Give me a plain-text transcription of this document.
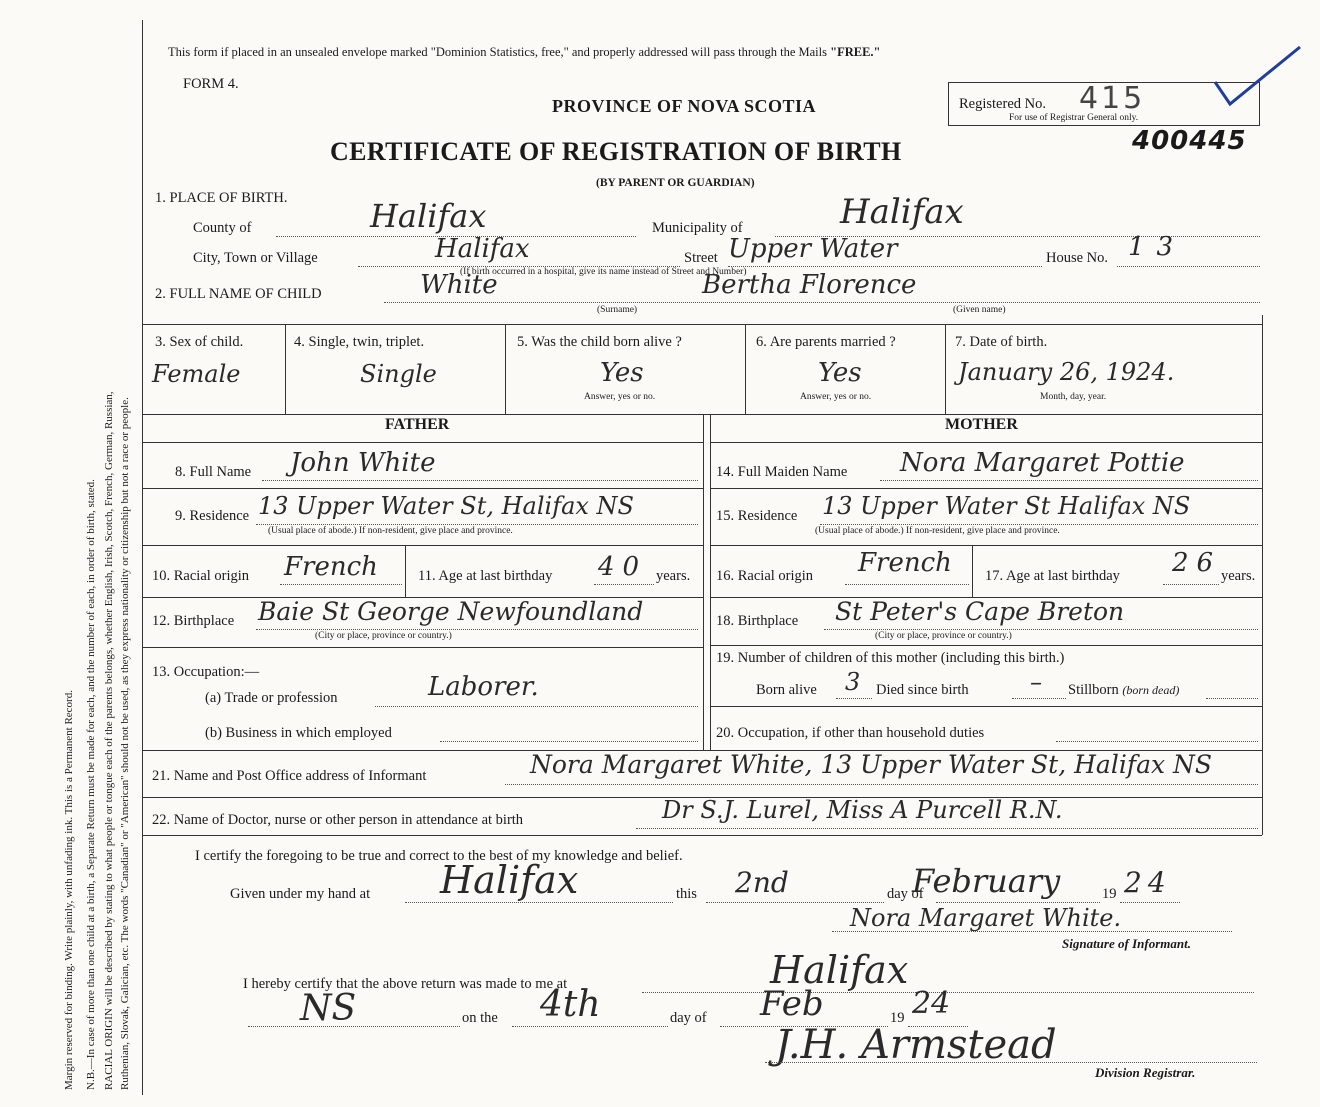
Margin reserved for binding. Write plainly, with unfading ink. This is a Permanent Record. N.B.—In case of more than one child at a birth, a Separate Return must be made for each, and the number of each, in order of birth, stated. RACIAL ORIGIN will be described by stating to what people or tongue each of the parents belongs, whether English, Irish, Scotch, French, German, Russian, Ruthenian, Slovak, Galician, etc. The words "Canadian" or "American" should not be used, as they express nationality or citizenship but not a race or people.
This form if placed in an unsealed envelope marked "Dominion Statistics, free," and properly addressed will pass through the Mails "FREE."
FORM 4.
PROVINCE OF NOVA SCOTIA
CERTIFICATE OF REGISTRATION OF BIRTH
(BY PARENT OR GUARDIAN)
Registered No. 415
For use of Registrar General only.
400445
1. PLACE OF BIRTH.
County of	Halifax	Municipality of	Halifax
City, Town or Village	Halifax	Street Upper Water	House No. 13
(If birth occurred in a hospital, give its name instead of Street and Number)
2. FULL NAME OF CHILD	White	Bertha Florence
(Surname)	(Given name)
3. Sex of child.
Female
4. Single, twin, triplet.
Single
5. Was the child born alive ?
Yes
Answer, yes or no.
6. Are parents married ?
Yes
Answer, yes or no.
7. Date of birth.
January 26, 1924.
Month, day, year.
FATHER	MOTHER
8. Full Name John White
9. Residence 13 Upper Water St, Halifax NS
(Usual place of abode.) If non-resident, give place and province.
10. Racial origin French	11. Age at last birthday 40 years.
12. Birthplace Baie St George Newfoundland
(City or place, province or country.)
13. Occupation:—
(a) Trade or profession	Laborer.
(b) Business in which employed
14. Full Maiden Name Nora Margaret Pottie
15. Residence 13 Upper Water St Halifax NS
(Usual place of abode.) If non-resident, give place and province.
16. Racial origin French 17. Age at last birthday 26 years.
18. Birthplace St Peter's Cape Breton
(City or place, province or country.)
19. Number of children of this mother (including this birth.)
Born alive 3 Died since birth	– Stillborn (born dead)
20. Occupation, if other than household duties
21. Name and Post Office address of Informant	Nora Margaret White, 13 Upper Water St, Halifax NS
22. Name of Doctor, nurse or other person in attendance at birth	Dr S.J. Lurel, Miss A Purcell R.N.
I certify the foregoing to be true and correct to the best of my knowledge and belief.
Given under my hand at Halifax	this 2nd	day of
February	19 24
Nora Margaret White.
Signature of Informant.
I hereby certify that the above return was made to me at	Halifax
NS	on the 4th	day of Feb	19 24
J.H. Armstead
Division Registrar.
